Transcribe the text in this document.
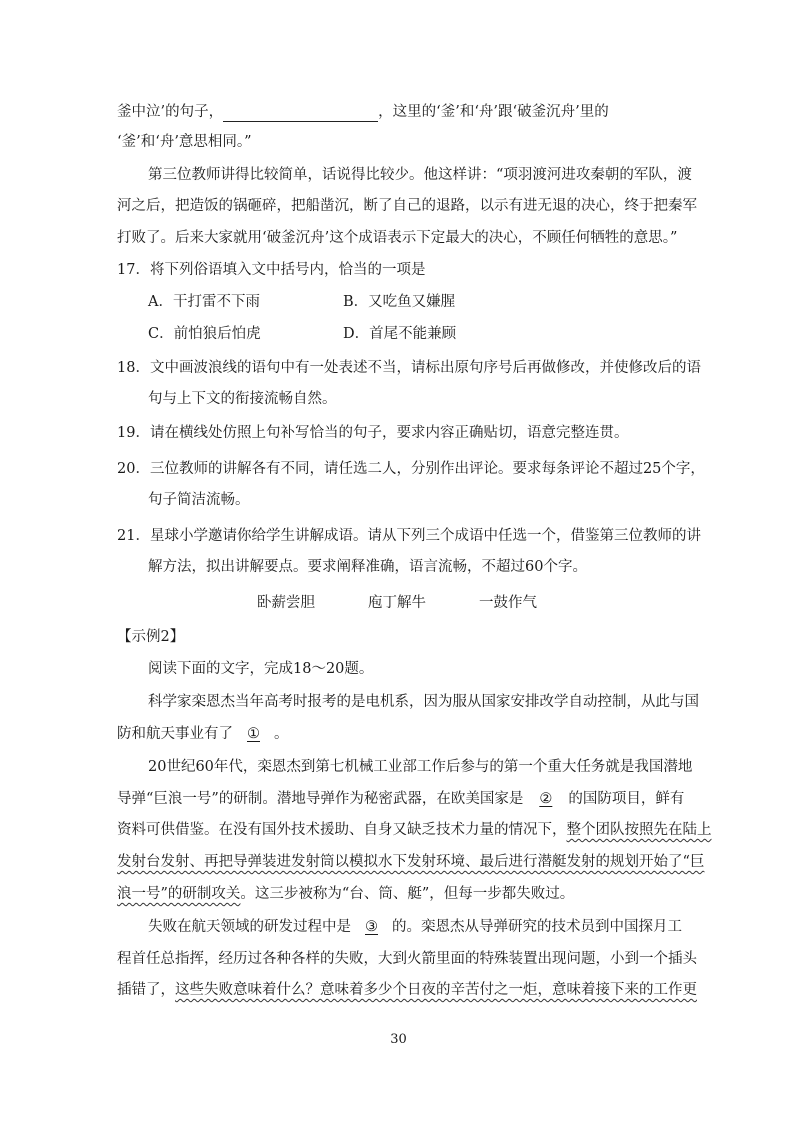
釜中泣’的句子，	，这里的‘釜’和‘舟’跟‘破釜沉舟’里的
‘釜’和‘舟’意思相同。”
第三位教师讲得比较简单，话说得比较少。他这样讲：“项羽渡河进攻秦朝的军队，渡
河之后，把造饭的锅砸碎，把船凿沉，断了自己的退路，以示有进无退的决心，终于把秦军
打败了。后来大家就用‘破釜沉舟’这个成语表示下定最大的决心，不顾任何牺牲的意思。”
17．将下列俗语填入文中括号内，恰当的一项是
A．干打雷不下雨	B．又吃鱼又嫌腥
C．前怕狼后怕虎	D．首尾不能兼顾
18．文中画波浪线的语句中有一处表述不当，请标出原句序号后再做修改，并使修改后的语
句与上下文的衔接流畅自然。
19．请在横线处仿照上句补写恰当的句子，要求内容正确贴切，语意完整连贯。
20．三位教师的讲解各有不同，请任选二人，分别作出评论。要求每条评论不超过25个字，
句子简洁流畅。
21．星球小学邀请你给学生讲解成语。请从下列三个成语中任选一个，借鉴第三位教师的讲
解方法，拟出讲解要点。要求阐释准确，语言流畅，不超过60个字。
卧薪尝胆	庖丁解牛	一鼓作气
【示例2】
阅读下面的文字，完成18～20题。
科学家栾恩杰当年高考时报考的是电机系，因为服从国家安排改学自动控制，从此与国
防和航天事业有了 ① 。
20世纪60年代，栾恩杰到第七机械工业部工作后参与的第一个重大任务就是我国潜地
导弹“巨浪一号”的研制。潜地导弹作为秘密武器，在欧美国家是 ② 的国防项目，鲜有
资料可供借鉴。在没有国外技术援助、自身又缺乏技术力量的情况下，整个团队按照先在陆上
发射台发射、再把导弹装进发射筒以模拟水下发射环境、最后进行潜艇发射的规划开始了“巨
浪一号”的研制攻关。这三步被称为“台、筒、艇”，但每一步都失败过。
失败在航天领域的研发过程中是 ③ 的。栾恩杰从导弹研究的技术员到中国探月工
程首任总指挥，经历过各种各样的失败，大到火箭里面的特殊装置出现问题，小到一个插头
插错了，这些失败意味着什么？意味着多少个日夜的辛苦付之一炬，意味着接下来的工作更
30
